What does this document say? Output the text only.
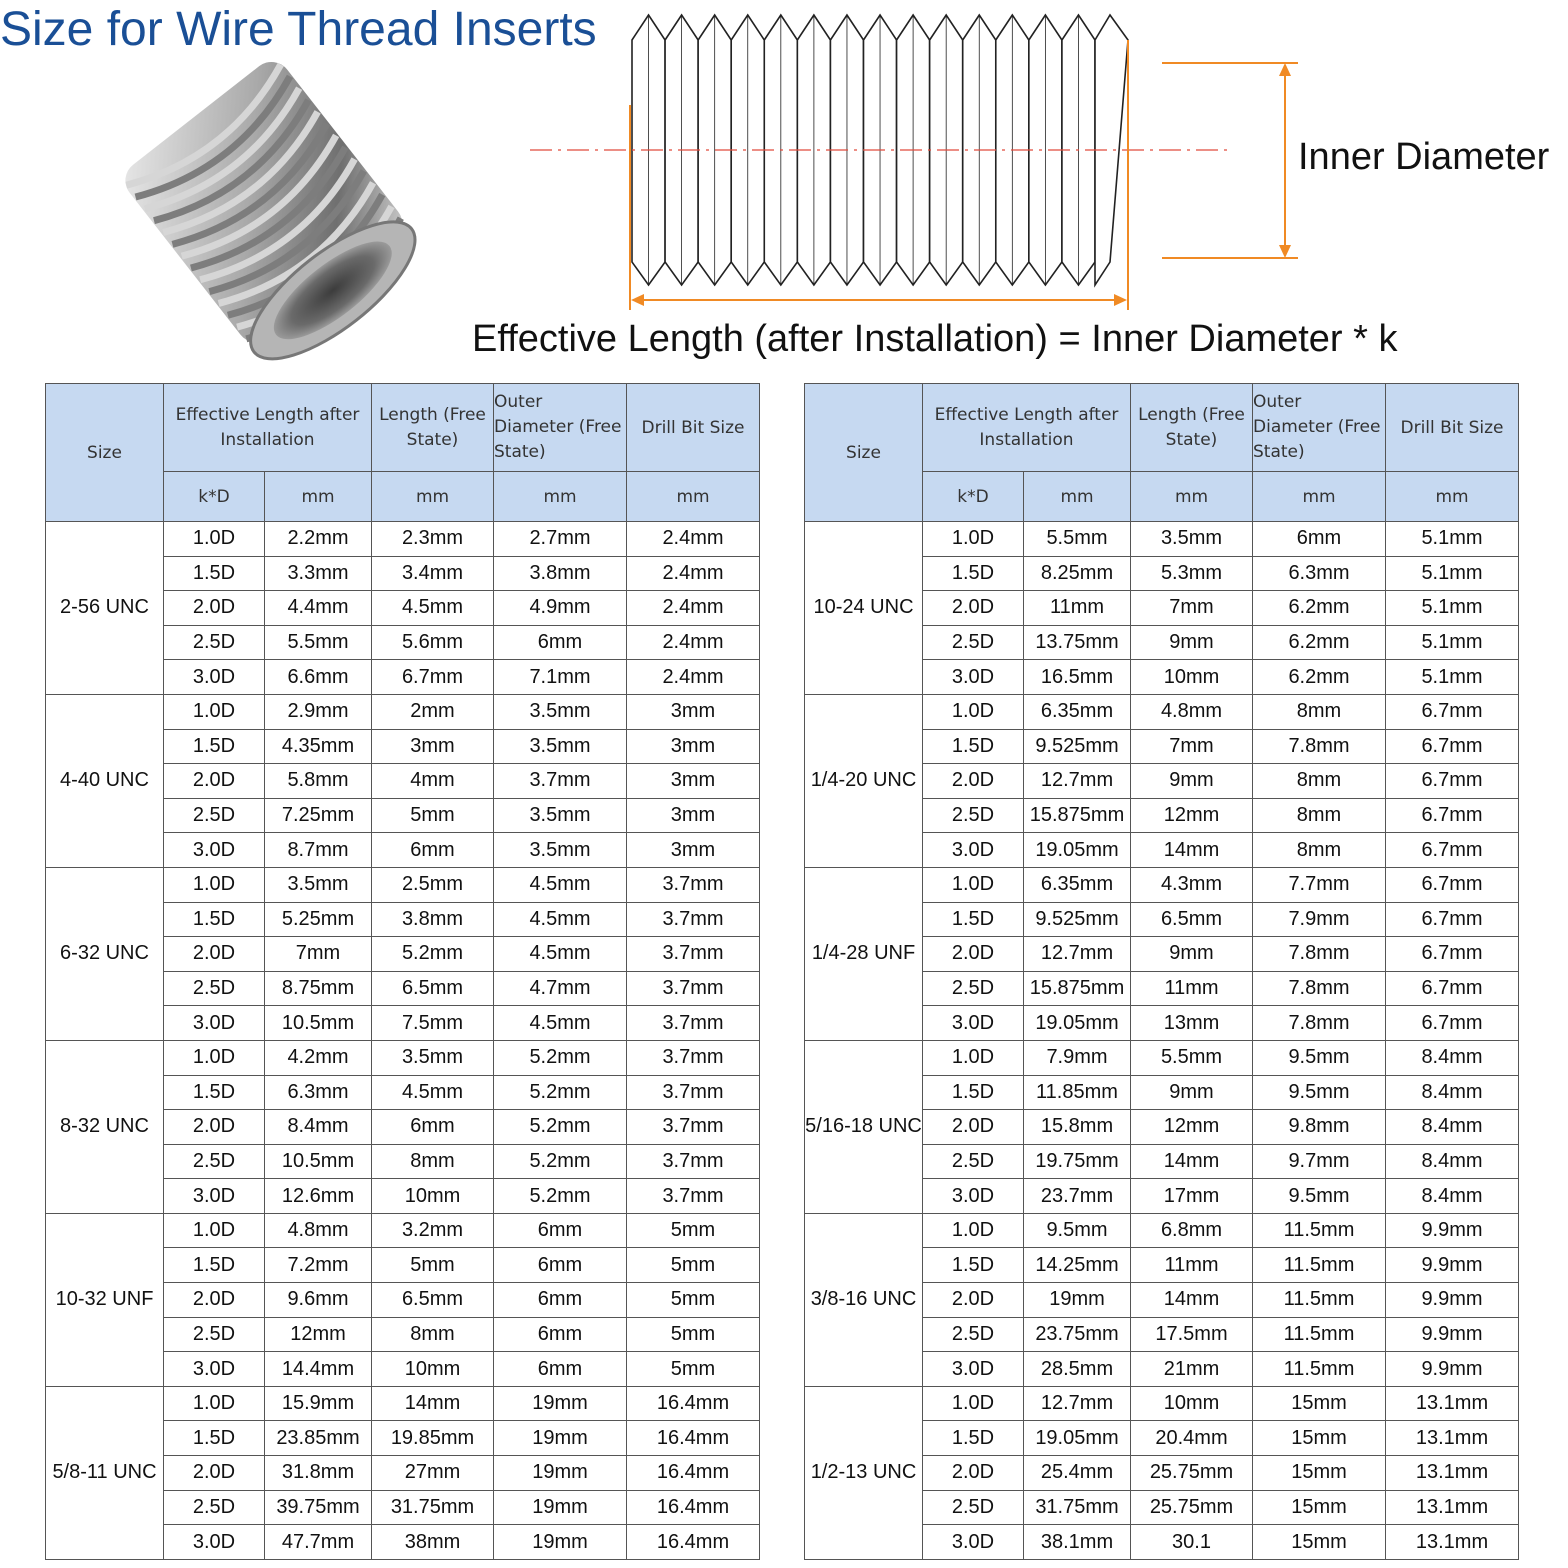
Size for Wire Thread Inserts
Inner Diameter
Effective Length (after Installation) = Inner Diameter * k
Size	Effective Length after Installation		Length (Free State)	Outer Diameter (Free State)	Drill Bit Size
	k*D	mm	mm	mm	mm
2-56 UNC	1.0D	2.2mm	2.3mm	2.7mm	2.4mm
	1.5D	3.3mm	3.4mm	3.8mm	2.4mm
	2.0D	4.4mm	4.5mm	4.9mm	2.4mm
	2.5D	5.5mm	5.6mm	6mm	2.4mm
	3.0D	6.6mm	6.7mm	7.1mm	2.4mm
4-40 UNC	1.0D	2.9mm	2mm	3.5mm	3mm
	1.5D	4.35mm	3mm	3.5mm	3mm
	2.0D	5.8mm	4mm	3.7mm	3mm
	2.5D	7.25mm	5mm	3.5mm	3mm
	3.0D	8.7mm	6mm	3.5mm	3mm
6-32 UNC	1.0D	3.5mm	2.5mm	4.5mm	3.7mm
	1.5D	5.25mm	3.8mm	4.5mm	3.7mm
	2.0D	7mm	5.2mm	4.5mm	3.7mm
	2.5D	8.75mm	6.5mm	4.7mm	3.7mm
	3.0D	10.5mm	7.5mm	4.5mm	3.7mm
8-32 UNC	1.0D	4.2mm	3.5mm	5.2mm	3.7mm
	1.5D	6.3mm	4.5mm	5.2mm	3.7mm
	2.0D	8.4mm	6mm	5.2mm	3.7mm
	2.5D	10.5mm	8mm	5.2mm	3.7mm
	3.0D	12.6mm	10mm	5.2mm	3.7mm
10-32 UNF	1.0D	4.8mm	3.2mm	6mm	5mm
	1.5D	7.2mm	5mm	6mm	5mm
	2.0D	9.6mm	6.5mm	6mm	5mm
	2.5D	12mm	8mm	6mm	5mm
	3.0D	14.4mm	10mm	6mm	5mm
5/8-11 UNC	1.0D	15.9mm	14mm	19mm	16.4mm
	1.5D	23.85mm	19.85mm	19mm	16.4mm
	2.0D	31.8mm	27mm	19mm	16.4mm
	2.5D	39.75mm	31.75mm	19mm	16.4mm
	3.0D	47.7mm	38mm	19mm	16.4mm
Size	Effective Length after Installation		Length (Free State)	Outer Diameter (Free State)	Drill Bit Size
	k*D	mm	mm	mm	mm
10-24 UNC	1.0D	5.5mm	3.5mm	6mm	5.1mm
	1.5D	8.25mm	5.3mm	6.3mm	5.1mm
	2.0D	11mm	7mm	6.2mm	5.1mm
	2.5D	13.75mm	9mm	6.2mm	5.1mm
	3.0D	16.5mm	10mm	6.2mm	5.1mm
1/4-20 UNC	1.0D	6.35mm	4.8mm	8mm	6.7mm
	1.5D	9.525mm	7mm	7.8mm	6.7mm
	2.0D	12.7mm	9mm	8mm	6.7mm
	2.5D	15.875mm	12mm	8mm	6.7mm
	3.0D	19.05mm	14mm	8mm	6.7mm
1/4-28 UNF	1.0D	6.35mm	4.3mm	7.7mm	6.7mm
	1.5D	9.525mm	6.5mm	7.9mm	6.7mm
	2.0D	12.7mm	9mm	7.8mm	6.7mm
	2.5D	15.875mm	11mm	7.8mm	6.7mm
	3.0D	19.05mm	13mm	7.8mm	6.7mm
5/16-18 UNC	1.0D	7.9mm	5.5mm	9.5mm	8.4mm
	1.5D	11.85mm	9mm	9.5mm	8.4mm
	2.0D	15.8mm	12mm	9.8mm	8.4mm
	2.5D	19.75mm	14mm	9.7mm	8.4mm
	3.0D	23.7mm	17mm	9.5mm	8.4mm
3/8-16 UNC	1.0D	9.5mm	6.8mm	11.5mm	9.9mm
	1.5D	14.25mm	11mm	11.5mm	9.9mm
	2.0D	19mm	14mm	11.5mm	9.9mm
	2.5D	23.75mm	17.5mm	11.5mm	9.9mm
	3.0D	28.5mm	21mm	11.5mm	9.9mm
1/2-13 UNC	1.0D	12.7mm	10mm	15mm	13.1mm
	1.5D	19.05mm	20.4mm	15mm	13.1mm
	2.0D	25.4mm	25.75mm	15mm	13.1mm
	2.5D	31.75mm	25.75mm	15mm	13.1mm
	3.0D	38.1mm	30.1	15mm	13.1mm
